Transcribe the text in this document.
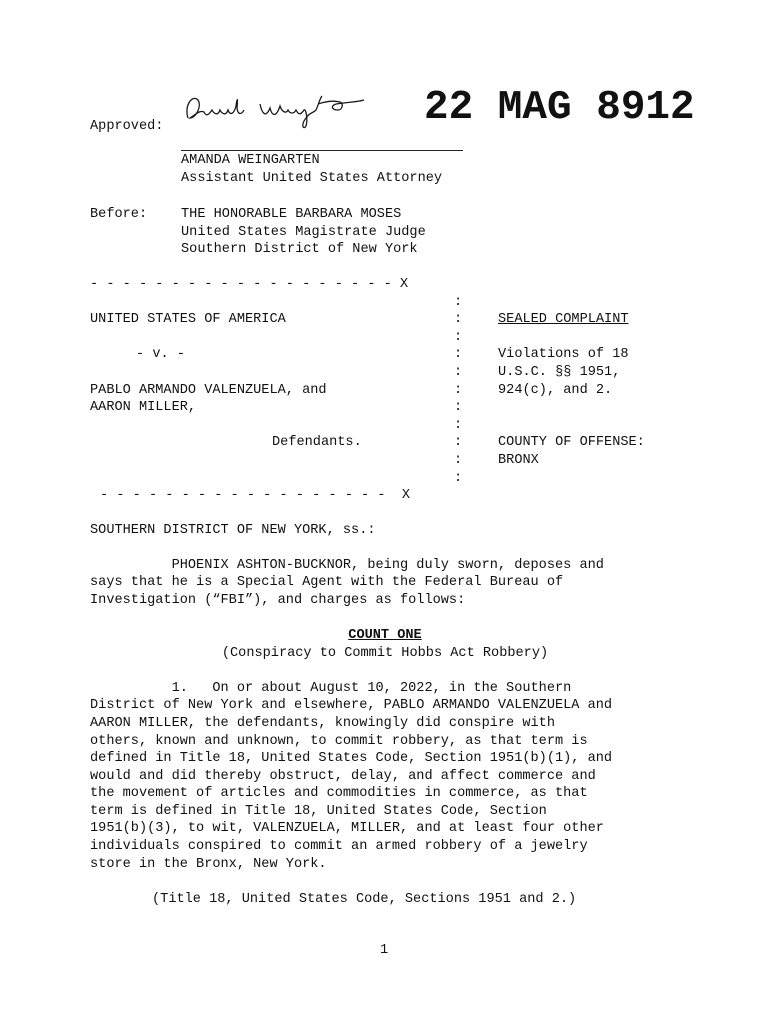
Approved:	22 MAG 8912
AMANDA WEINGARTEN
Assistant United States Attorney
Before: THE HONORABLE BARBARA MOSES
United States Magistrate Judge
Southern District of New York
- - - - - - - - - - - - - - - - - - - X
:
:
:
:
:
:
:
:
:
:
:
UNITED STATES OF AMERICA	SEALED COMPLAINT
- v. -	Violations of 18
U.S.C. §§ 1951,
924(c), and 2.
PABLO ARMANDO VALENZUELA, and
AARON MILLER,
Defendants.	COUNTY OF OFFENSE:
BRONX
- - - - - - - - - - - - - - - - - -  X
SOUTHERN DISTRICT OF NEW YORK, ss.:
PHOENIX ASHTON-BUCKNOR, being duly sworn, deposes and
says that he is a Special Agent with the Federal Bureau of
Investigation (“FBI”), and charges as follows:
COUNT ONE
(Conspiracy to Commit Hobbs Act Robbery)
1.   On or about August 10, 2022, in the Southern
District of New York and elsewhere, PABLO ARMANDO VALENZUELA and
AARON MILLER, the defendants, knowingly did conspire with
others, known and unknown, to commit robbery, as that term is
defined in Title 18, United States Code, Section 1951(b)(1), and
would and did thereby obstruct, delay, and affect commerce and
the movement of articles and commodities in commerce, as that
term is defined in Title 18, United States Code, Section
1951(b)(3), to wit, VALENZUELA, MILLER, and at least four other
individuals conspired to commit an armed robbery of a jewelry
store in the Bronx, New York.
(Title 18, United States Code, Sections 1951 and 2.)
1
